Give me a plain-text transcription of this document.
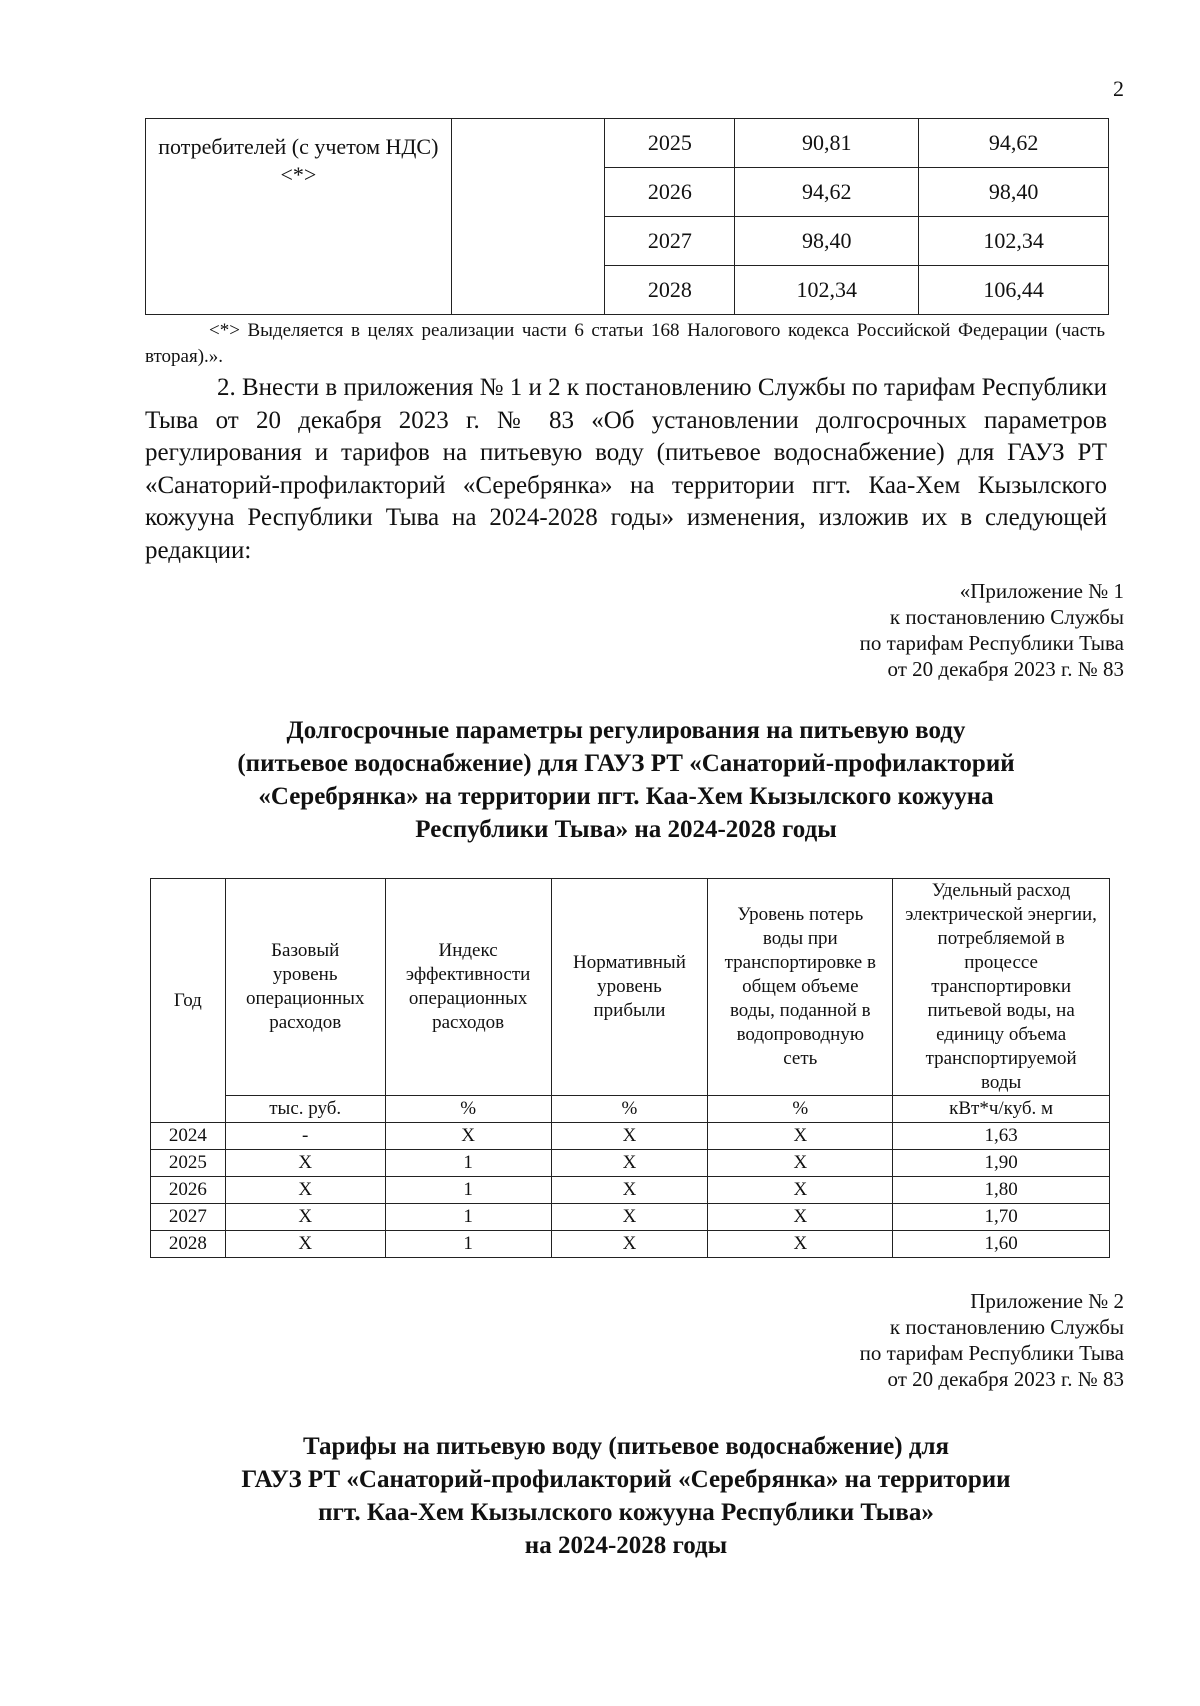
2
потребителей (с учетом НДС) <*>		2025	90,81	94,62
		2026	94,62	98,40
		2027	98,40	102,34
		2028	102,34	106,44
<*> Выделяется в целях реализации части 6 статьи 168 Налогового кодекса Российской Федерации (часть вторая).».
2. Внести в приложения № 1 и 2 к постановлению Службы по тарифам Республики Тыва от 20 декабря 2023 г. № 83 «Об установлении долгосрочных параметров регулирования и тарифов на питьевую воду (питьевое водоснабжение) для ГАУЗ РТ «Санаторий-профилакторий «Серебрянка» на территории пгт. Каа-Хем Кызылского кожууна Республики Тыва на 2024-2028 годы» изменения, изложив их в следующей редакции:
«Приложение № 1
к постановлению Службы
по тарифам Республики Тыва
от 20 декабря 2023 г. № 83
Долгосрочные параметры регулирования на питьевую воду
(питьевое водоснабжение) для ГАУЗ РТ «Санаторий-профилакторий
«Серебрянка» на территории пгт. Каа-Хем Кызылского кожууна
Республики Тыва» на 2024-2028 годы
Год	Базовый уровень операционных расходов	Индекс эффективности операционных расходов	Нормативный уровень прибыли	Уровень потерь воды при транспортировке в общем объеме воды, поданной в водопроводную сеть	Удельный расход электрической энергии, потребляемой в процессе транспортировки питьевой воды, на единицу объема транспортируемой воды
	тыс. руб.	%	%	%	кВт*ч/куб. м
2024	-	Х	Х	Х	1,63
2025	Х	1	Х	Х	1,90
2026	Х	1	Х	Х	1,80
2027	Х	1	Х	Х	1,70
2028	Х	1	Х	Х	1,60
Приложение № 2
к постановлению Службы
по тарифам Республики Тыва
от 20 декабря 2023 г. № 83
Тарифы на питьевую воду (питьевое водоснабжение) для
ГАУЗ РТ «Санаторий-профилакторий «Серебрянка» на территории
пгт. Каа-Хем Кызылского кожууна Республики Тыва»
на 2024-2028 годы
